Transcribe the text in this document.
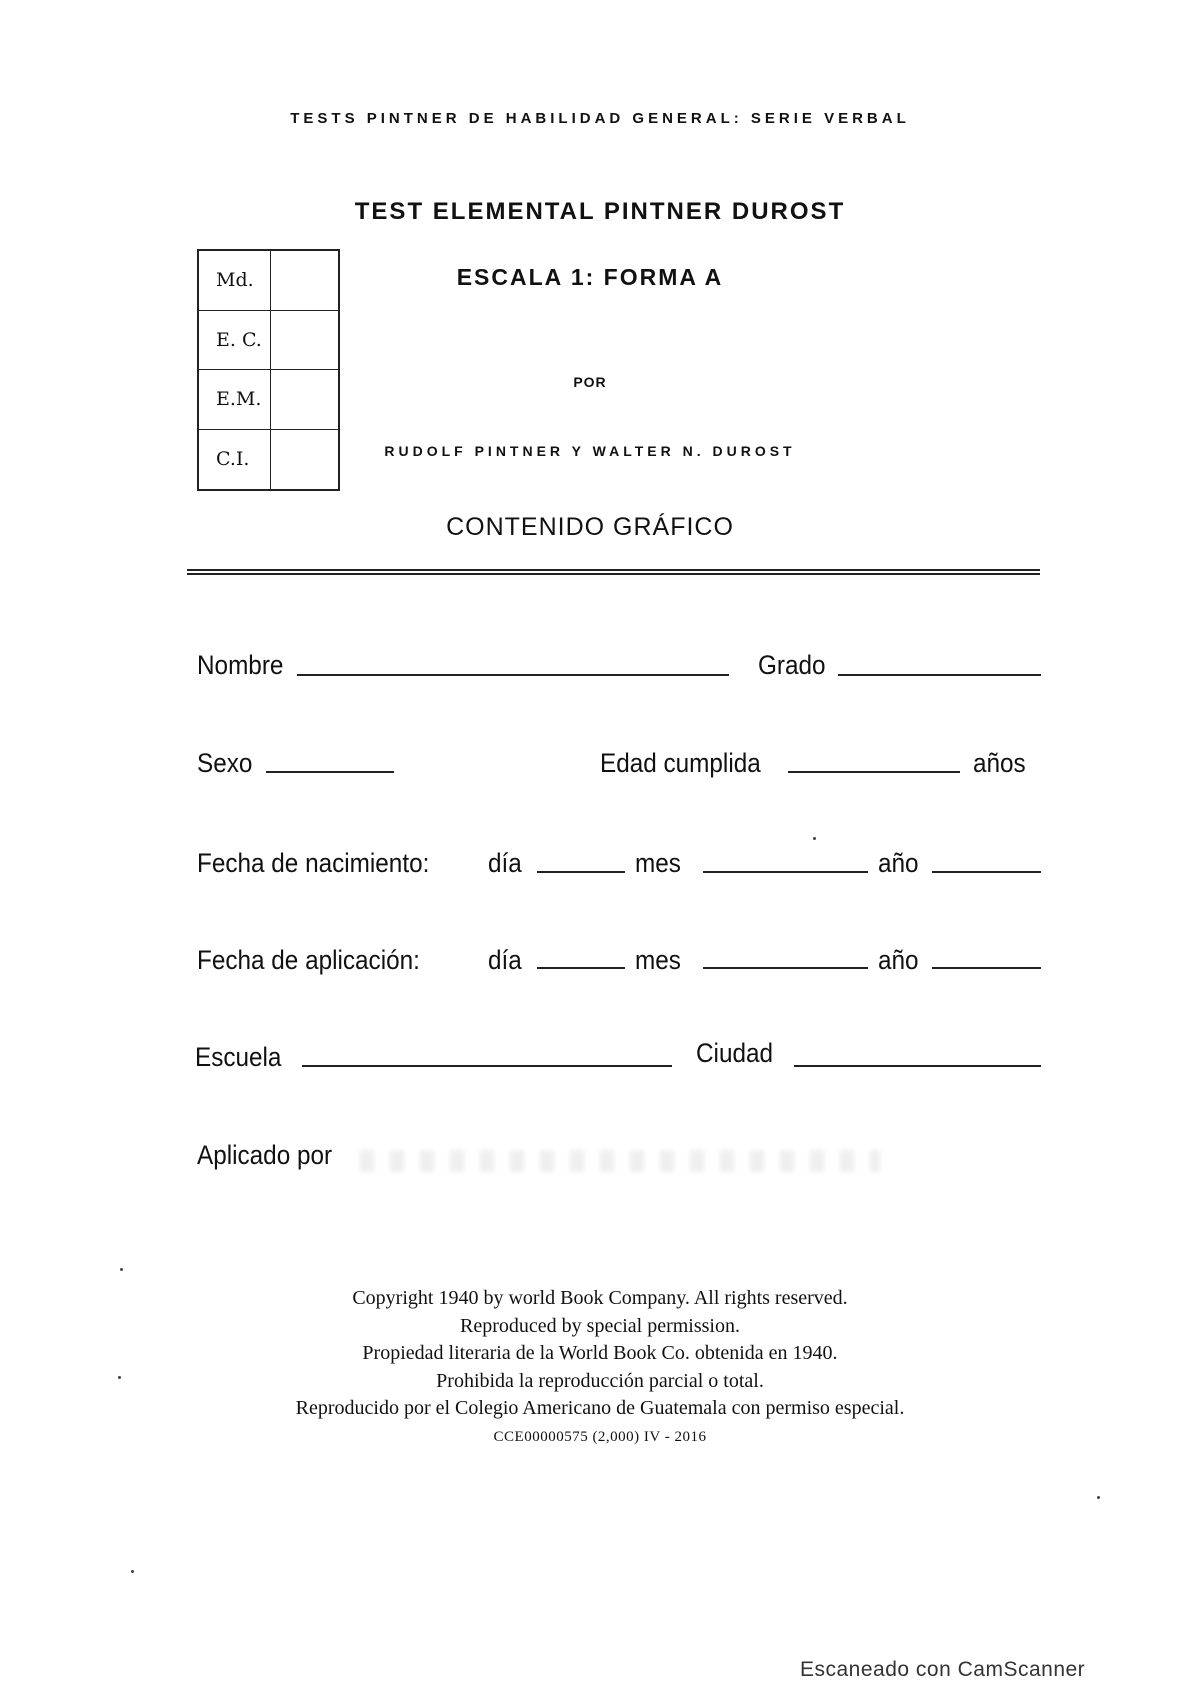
TESTS PINTNER DE HABILIDAD GENERAL: SERIE VERBAL
TEST ELEMENTAL PINTNER DUROST
Md.
E. C.
E.M.
C.I.
ESCALA 1: FORMA A
POR
RUDOLF PINTNER Y WALTER N. DUROST
CONTENIDO GRÁFICO
Nombre	Grado
Sexo	Edad cumplida	años
Fecha de nacimiento: día	mes	año
Fecha de aplicación:	día	mes	año
Escuela	Ciudad
Aplicado por
Copyright 1940 by world Book Company. All rights reserved.
Reproduced by special permission.
Propiedad literaria de la World Book Co. obtenida en 1940.
Prohibida la reproducción parcial o total.
Reproducido por el Colegio Americano de Guatemala con permiso especial.
CCE00000575 (2,000) IV - 2016
Escaneado con CamScanner
